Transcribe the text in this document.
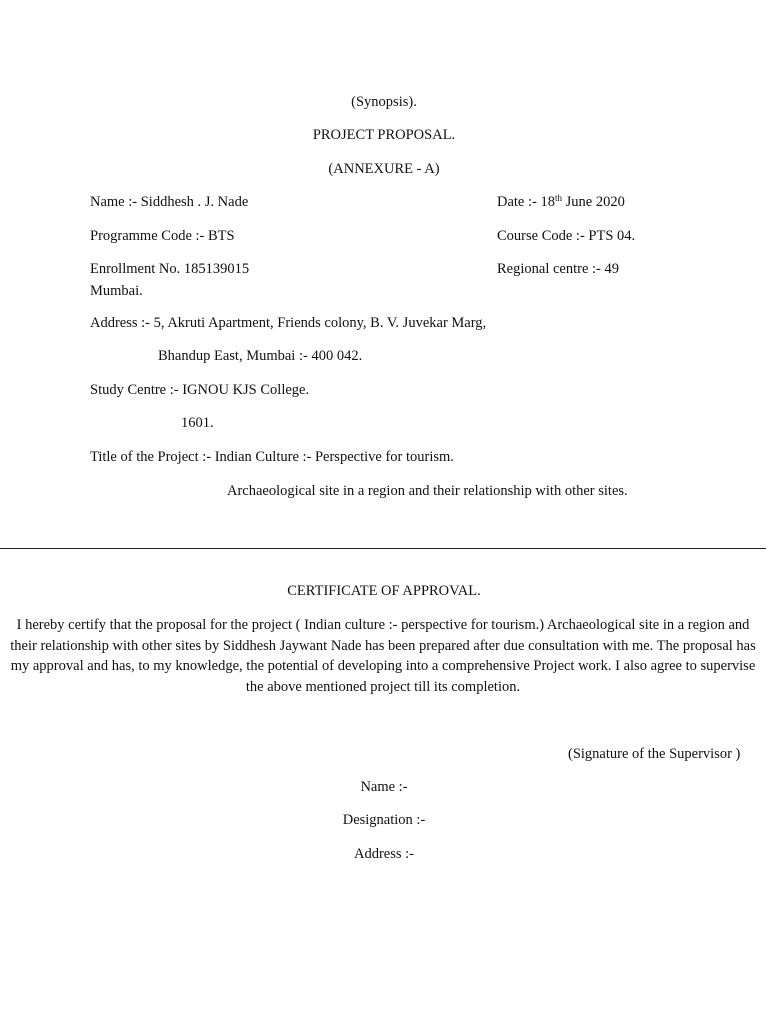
(Synopsis).
PROJECT PROPOSAL.
(ANNEXURE - A)
Name :- Siddhesh . J. Nade	Date :- 18th June 2020
Programme Code :- BTS	Course Code :- PTS 04.
Enrollment No. 185139015	Regional centre :- 49
Mumbai.
Address :- 5, Akruti Apartment, Friends colony, B. V. Juvekar Marg,
Bhandup East, Mumbai :- 400 042.
Study Centre :- IGNOU KJS College.
1601.
Title of the Project :- Indian Culture :- Perspective for tourism.
Archaeological site in a region and their relationship with other sites.
CERTIFICATE OF APPROVAL.
I hereby certify that the proposal for the project ( Indian culture :- perspective for tourism.) Archaeological site in a region and their relationship with other sites by Siddhesh Jaywant Nade has been prepared after due consultation with me. The proposal has my approval and has, to my knowledge, the potential of developing into a comprehensive Project work. I also agree to supervise the above mentioned project till its completion.
(Signature of the Supervisor )
Name :-
Designation :-
Address :-
